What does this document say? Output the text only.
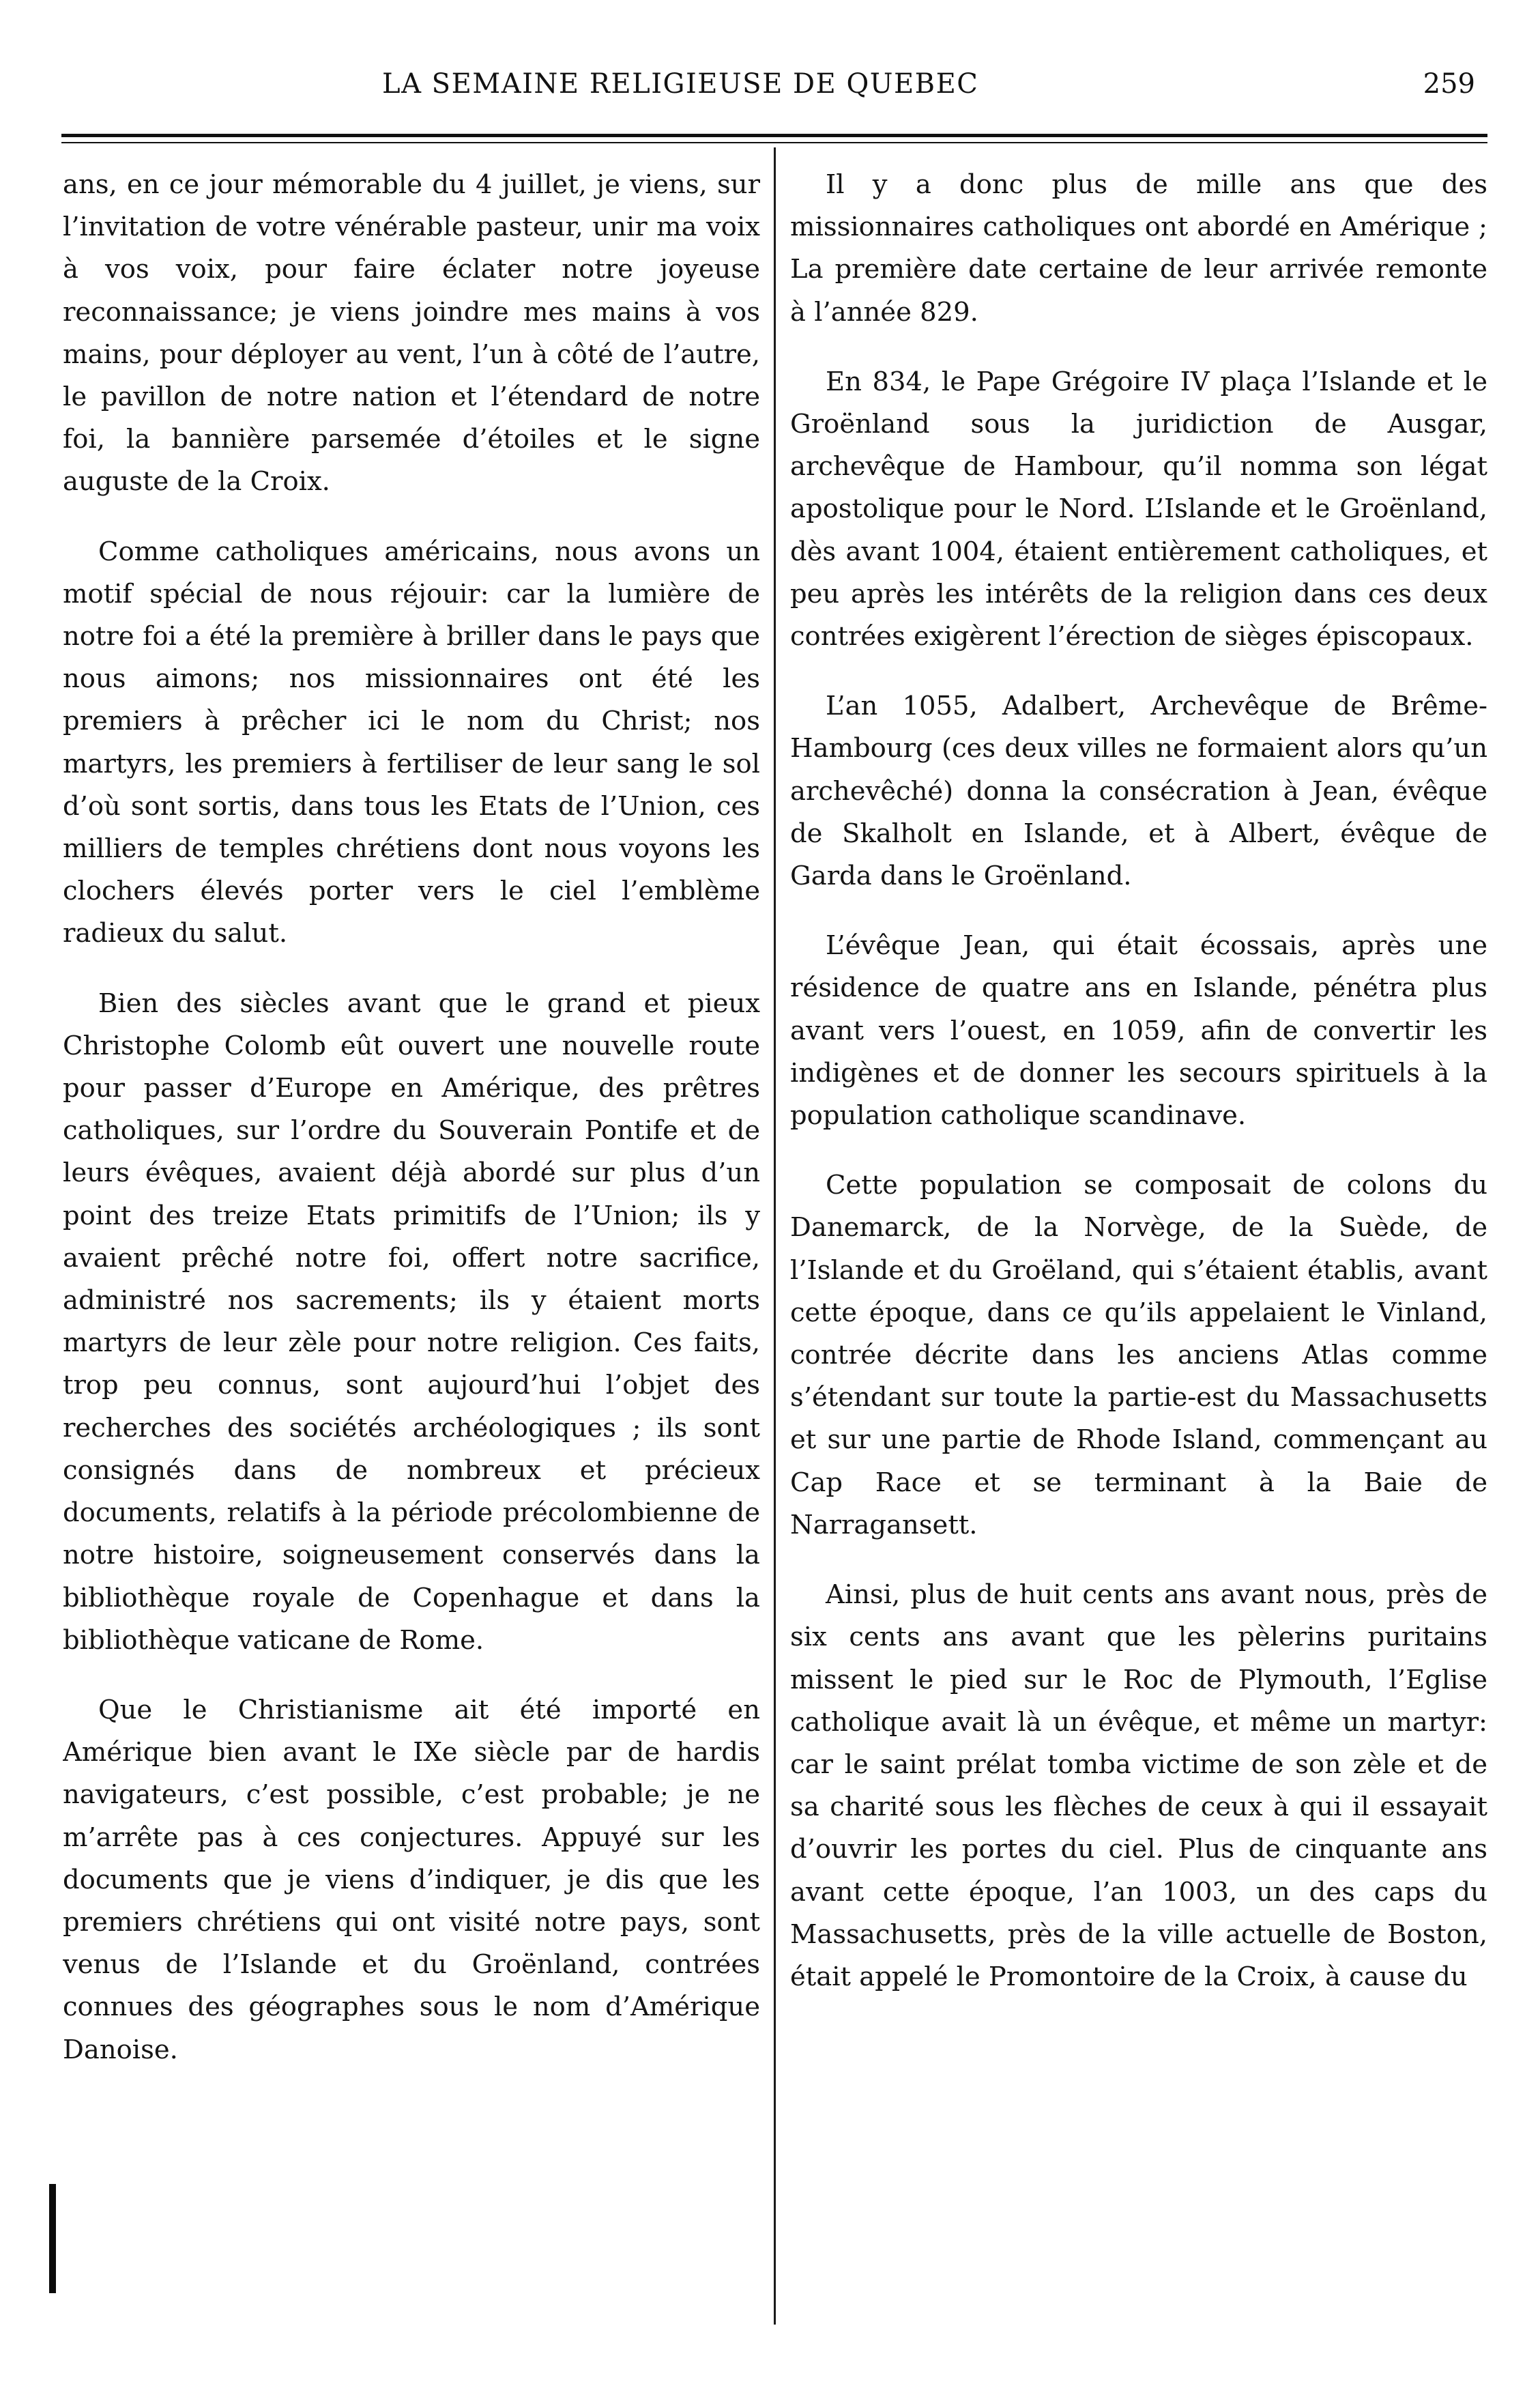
LA SEMAINE RELIGIEUSE DE QUEBEC	259

ans, en ce jour mémorable du 4 juillet, je viens, sur l’invitation de votre vénérable pasteur, unir ma voix à vos voix, pour faire éclater notre joyeuse reconnaissance; je viens joindre mes mains à vos mains, pour déployer au vent, l’un à côté de l’autre, le pavillon de notre nation et l’étendard de notre foi, la bannière parsemée d’étoiles et le signe auguste de la Croix.

Comme catholiques américains, nous avons un motif spécial de nous réjouir: car la lumière de notre foi a été la première à briller dans le pays que nous aimons; nos missionnaires ont été les premiers à prêcher ici le nom du Christ; nos martyrs, les premiers à fertiliser de leur sang le sol d’où sont sortis, dans tous les Etats de l’Union, ces milliers de temples chrétiens dont nous voyons les clochers élevés porter vers le ciel l’emblème radieux du salut.

Bien des siècles avant que le grand et pieux Christophe Colomb eût ouvert une nouvelle route pour passer d’Europe en Amérique, des prêtres catholiques, sur l’ordre du Souverain Pontife et de leurs évêques, avaient déjà abordé sur plus d’un point des treize Etats primitifs de l’Union; ils y avaient prêché notre foi, offert notre sacrifice, administré nos sacrements; ils y étaient morts martyrs de leur zèle pour notre religion. Ces faits, trop peu connus, sont aujourd’hui l’objet des recherches des sociétés archéologiques ; ils sont consignés dans de nombreux et précieux documents, relatifs à la période précolombienne de notre histoire, soigneusement conservés dans la bibliothèque royale de Copenhague et dans la bibliothèque vaticane de Rome.

Que le Christianisme ait été importé en Amérique bien avant le IXe siècle par de hardis navigateurs, c’est possible, c’est probable; je ne m’arrête pas à ces conjectures. Appuyé sur les documents que je viens d’indiquer, je dis que les premiers chrétiens qui ont visité notre pays, sont venus de l’Islande et du Groënland, contrées connues des géographes sous le nom d’Amérique Danoise.

Il y a donc plus de mille ans que des missionnaires catholiques ont abordé en Amérique ; La première date certaine de leur arrivée remonte à l’année 829.

En 834, le Pape Grégoire IV plaça l’Islande et le Groënland sous la juridiction de Ausgar, archevêque de Hambour, qu’il nomma son légat apostolique pour le Nord. L’Islande et le Groënland, dès avant 1004, étaient entièrement catholiques, et peu après les intérêts de la religion dans ces deux contrées exigèrent l’érection de sièges épiscopaux.

L’an 1055, Adalbert, Archevêque de Brême-Hambourg (ces deux villes ne formaient alors qu’un archevêché) donna la consécration à Jean, évêque de Skalholt en Islande, et à Albert, évêque de Garda dans le Groënland.

L’évêque Jean, qui était écossais, après une résidence de quatre ans en Islande, pénétra plus avant vers l’ouest, en 1059, afin de convertir les indigènes et de donner les secours spirituels à la population catholique scandinave.

Cette population se composait de colons du Danemarck, de la Norvège, de la Suède, de l’Islande et du Groëland, qui s’étaient établis, avant cette époque, dans ce qu’ils appelaient le Vinland, contrée décrite dans les anciens Atlas comme s’étendant sur toute la partie-est du Massachusetts et sur une partie de Rhode Island, commençant au Cap Race et se terminant à la Baie de Narragansett.

Ainsi, plus de huit cents ans avant nous, près de six cents ans avant que les pèlerins puritains missent le pied sur le Roc de Plymouth, l’Eglise catholique avait là un évêque, et même un martyr: car le saint prélat tomba victime de son zèle et de sa charité sous les flèches de ceux à qui il essayait d’ouvrir les portes du ciel. Plus de cinquante ans avant cette époque, l’an 1003, un des caps du Massachusetts, près de la ville actuelle de Boston, était appelé le Promontoire de la Croix, à cause du
